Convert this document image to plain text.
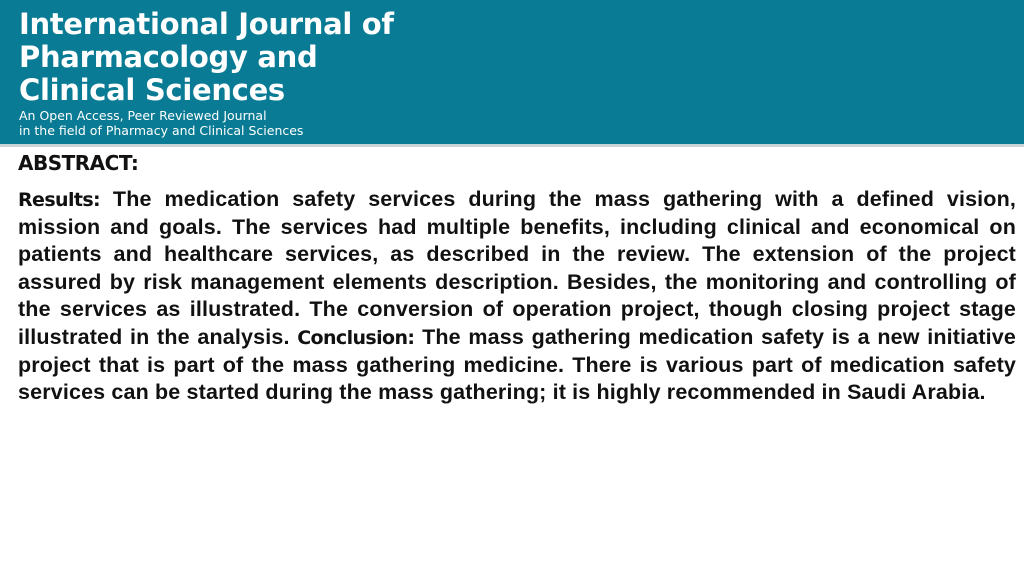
International Journal of
Pharmacology and
Clinical Sciences
An Open Access, Peer Reviewed Journal
in the field of Pharmacy and Clinical Sciences
ABSTRACT:
Results: The medication safety services during the mass gathering with a defined vision, mission and goals. The services had multiple benefits, including clinical and economical on patients and healthcare services, as described in the review. The extension of the project assured by risk management elements description. Besides, the monitoring and controlling of the services as illustrated. The conversion of operation project, though closing project stage illustrated in the analysis. Conclusion: The mass gathering medication safety is a new initiative project that is part of the mass gathering medicine. There is various part of medication safety services can be started during the mass gathering; it is highly recommended in Saudi Arabia.
